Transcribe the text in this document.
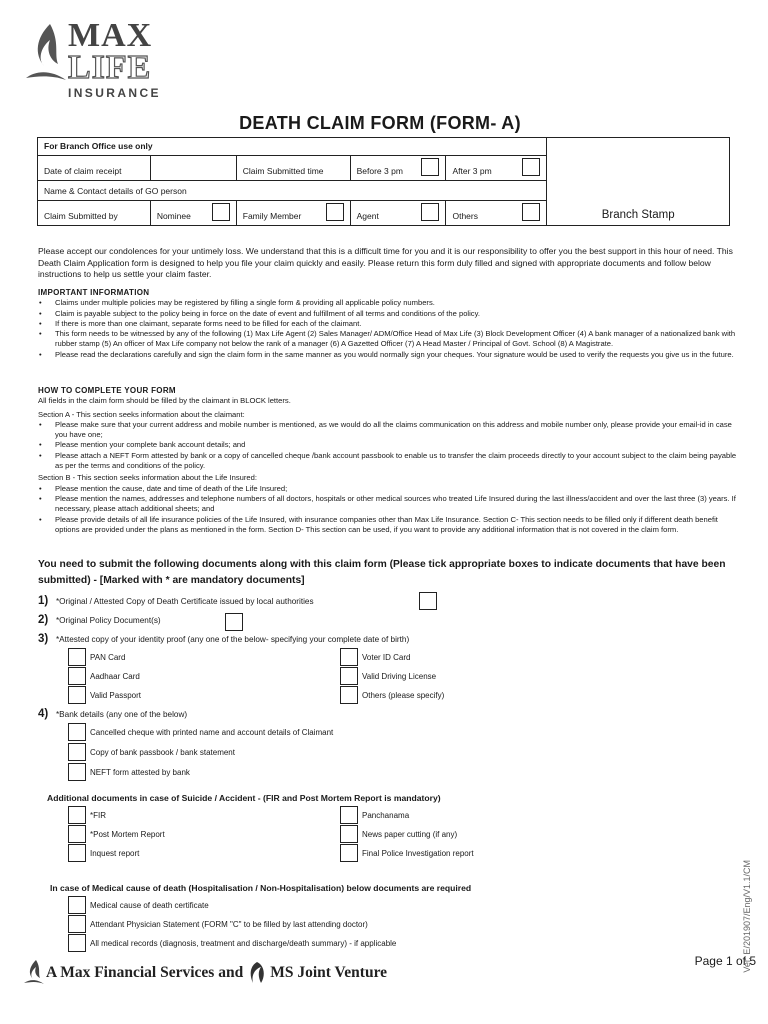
MAX
LIFE
INSURANCE
DEATH CLAIM FORM (FORM- A)
For Branch Office use only					Branch Stamp
Date of claim receipt		Claim Submitted time	Before 3 pm	After 3 pm	

Name & Contact details of GO person					
Claim Submitted by	Nominee	Family Member	Agent	Others	
Please accept our condolences for your untimely loss. We understand that this is a difficult time for you and it is our responsibility to offer you the best support in this hour of need. This Death Claim Application form is designed to help you file your claim quickly and easily. Please return this form duly filled and signed with appropriate documents and follow below instructions to help us settle your claim faster.
IMPORTANT INFORMATION
• Claims under multiple policies may be registered by filling a single form & providing all applicable policy numbers.
• Claim is payable subject to the policy being in force on the date of event and fulfillment of all terms and conditions of the policy.
• If there is more than one claimant, separate forms need to be filled for each of the claimant.
• This form needs to be witnessed by any of the following (1) Max Life Agent (2) Sales Manager/ ADM/Office Head of Max Life (3) Block Development Officer (4) A bank manager of a nationalized bank with rubber stamp (5) An officer of Max Life company not below the rank of a manager (6) A Gazetted Officer (7) A Head Master / Principal of Govt. School (8) A Magistrate.
• Please read the declarations carefully and sign the claim form in the same manner as you would normally sign your cheques. Your signature would be used to verify the requests you give us in the future.
HOW TO COMPLETE YOUR FORM
All fields in the claim form should be filled by the claimant in BLOCK letters.
Section A - This section seeks information about the claimant:
• Please make sure that your current address and mobile number is mentioned, as we would do all the claims communication on this address and mobile number only, please provide your email-id in case you have one;
• Please mention your complete bank account details; and
• Please attach a NEFT Form attested by bank or a copy of cancelled cheque /bank account passbook to enable us to transfer the claim proceeds directly to your account subject to the claim being payable as per the terms and conditions of the policy.
Section B - This section seeks information about the Life Insured:
• Please mention the cause, date and time of death of the Life Insured;
• Please mention the names, addresses and telephone numbers of all doctors, hospitals or other medical sources who treated Life Insured during the last illness/accident and over the last three (3) years. If necessary, please attach additional sheets; and
• Please provide details of all life insurance policies of the Life Insured, with insurance companies other than Max Life Insurance. Section C- This section needs to be filled only if different death benefit options are provided under the plans as mentioned in the form. Section D- This section can be used, if you want to provide any additional information that is not covered in the claim form.
You need to submit the following documents along with this claim form (Please tick appropriate boxes to indicate documents that have been submitted) - [Marked with * are mandatory documents]
1) *Original / Attested Copy of Death Certificate issued by local authorities
2) *Original Policy Document(s)
3) *Attested copy of your identity proof (any one of the below- specifying your complete date of birth)
PAN Card
Aadhaar Card
Valid Passport
Voter ID Card
Valid Driving License
Others (please specify)
4) *Bank details (any one of the below)
Cancelled cheque with printed name and account details of Claimant
Copy of bank passbook / bank statement
NEFT form attested by bank
Additional documents in case of Suicide / Accident - (FIR and Post Mortem Report is mandatory)
*FIR
*Post Mortem Report
Inquest report
Panchanama
News paper cutting (if any)
Final Police Investigation report
In case of Medical cause of death (Hospitalisation / Non-Hospitalisation) below documents are required
Medical cause of death certificate
Attendant Physician Statement (FORM "C" to be filled by last attending doctor)
All medical records (diagnosis, treatment and discharge/death summary) - if applicable	Ver. E/201907/Eng/V1.1/CM
Page 1 of 5
A Max Financial Services and MS Joint Venture
